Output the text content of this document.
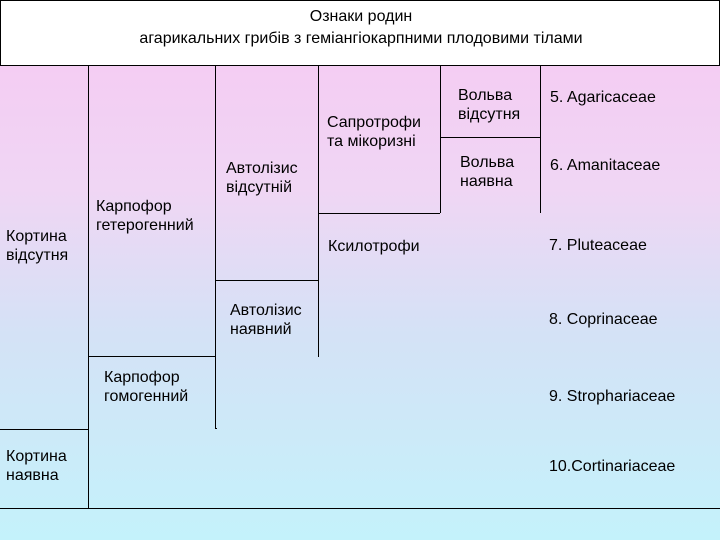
Ознаки родин
агарикальних грибів з геміангіокарпними плодовими тілами
Кортина
відсутня
Кортина
наявна
Карпофор
гетерогенний
Карпофор
гомогенний
Автолізис
відсутній
Автолізис
наявний
Сапротрофи
та мікоризні
Ксилотрофи
Вольва
відсутня
Вольва
наявна
5. Agaricaceae
6. Amanitaceae
7. Pluteaceae
8. Coprinaceae
9. Strophariaceae
10.Cortinariaceae
